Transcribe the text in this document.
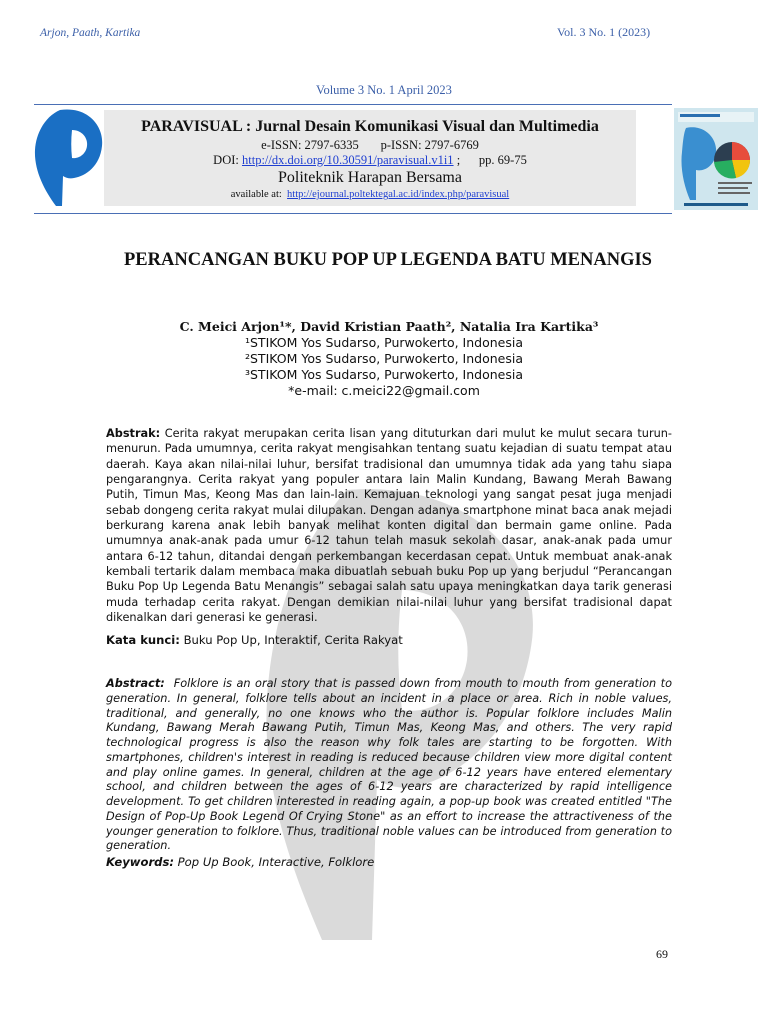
Arjon, Paath, Kartika	Vol. 3 No. 1 (2023)
Volume 3 No. 1 April 2023
PARAVISUAL : Jurnal Desain Komunikasi Visual dan Multimedia
e-ISSN: 2797-6335       p-ISSN: 2797-6769
DOI: http://dx.doi.org/10.30591/paravisual.v1i1 ;      pp. 69-75
Politeknik Harapan Bersama
available at:  http://ejournal.poltektegal.ac.id/index.php/paravisual
PERANCANGAN BUKU POP UP LEGENDA BATU MENANGIS
C. Meici Arjon¹*, David Kristian Paath², Natalia Ira Kartika³
¹STIKOM Yos Sudarso, Purwokerto, Indonesia
²STIKOM Yos Sudarso, Purwokerto, Indonesia
³STIKOM Yos Sudarso, Purwokerto, Indonesia
*e-mail: c.meici22@gmail.com
Abstrak: Cerita rakyat merupakan cerita lisan yang dituturkan dari mulut ke mulut secara turun-menurun. Pada umumnya, cerita rakyat mengisahkan tentang suatu kejadian di suatu tempat atau daerah. Kaya akan nilai-nilai luhur, bersifat tradisional dan umumnya tidak ada yang tahu siapa pengarangnya. Cerita rakyat yang populer antara lain Malin Kundang, Bawang Merah Bawang Putih, Timun Mas, Keong Mas dan lain-lain. Kemajuan teknologi yang sangat pesat juga menjadi sebab dongeng cerita rakyat mulai dilupakan. Dengan adanya smartphone minat baca anak mejadi berkurang karena anak lebih banyak melihat konten digital dan bermain game online. Pada umumnya anak-anak pada umur 6-12 tahun telah masuk sekolah dasar, anak-anak pada umur antara 6-12 tahun, ditandai dengan perkembangan kecerdasan cepat. Untuk membuat anak-anak kembali tertarik dalam membaca maka dibuatlah sebuah buku Pop up yang berjudul “Perancangan Buku Pop Up Legenda Batu Menangis” sebagai salah satu upaya meningkatkan daya tarik generasi muda terhadap cerita rakyat. Dengan demikian nilai-nilai luhur yang bersifat tradisional dapat dikenalkan dari generasi ke generasi.
Kata kunci: Buku Pop Up, Interaktif, Cerita Rakyat
Abstract:  Folklore is an oral story that is passed down from mouth to mouth from generation to generation. In general, folklore tells about an incident in a place or area. Rich in noble values, traditional, and generally, no one knows who the author is. Popular folklore includes Malin Kundang, Bawang Merah Bawang Putih, Timun Mas, Keong Mas, and others. The very rapid technological progress is also the reason why folk tales are starting to be forgotten. With smartphones, children's interest in reading is reduced because children view more digital content and play online games. In general, children at the age of 6-12 years have entered elementary school, and children between the ages of 6-12 years are characterized by rapid intelligence development. To get children interested in reading again, a pop-up book was created entitled "The Design of Pop-Up Book Legend Of Crying Stone" as an effort to increase the attractiveness of the younger generation to folklore. Thus, traditional noble values can be introduced from generation to generation.
Keywords: Pop Up Book, Interactive, Folklore
69
